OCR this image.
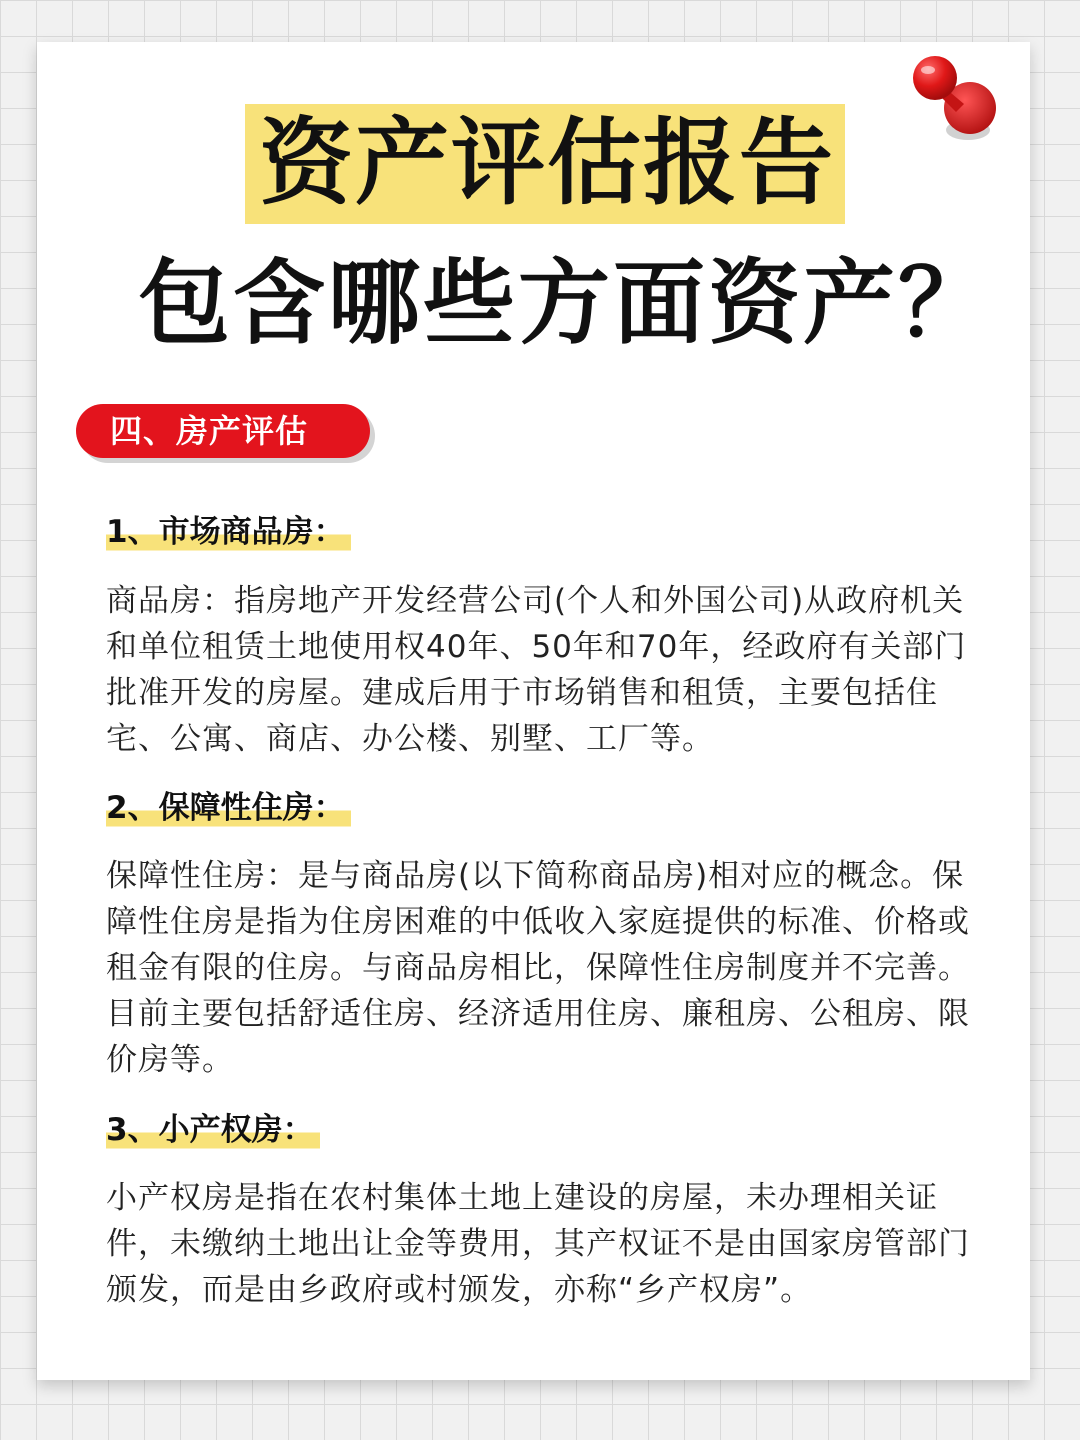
资产评估报告
包含哪些方面资产？
四、房产评估
1、市场商品房：

商品房：指房地产开发经营公司(个人和外国公司)从政府机关和单位租赁土地使用权40年、50年和70年，经政府有关部门批准开发的房屋。建成后用于市场销售和租赁，主要包括住宅、公寓、商店、办公楼、别墅、工厂等。

2、保障性住房：

保障性住房：是与商品房(以下简称商品房)相对应的概念。保障性住房是指为住房困难的中低收入家庭提供的标准、价格或租金有限的住房。与商品房相比，保障性住房制度并不完善。目前主要包括舒适住房、经济适用住房、廉租房、公租房、限价房等。

3、小产权房：

小产权房是指在农村集体土地上建设的房屋，未办理相关证件，未缴纳土地出让金等费用，其产权证不是由国家房管部门颁发，而是由乡政府或村颁发，亦称“乡产权房”。
